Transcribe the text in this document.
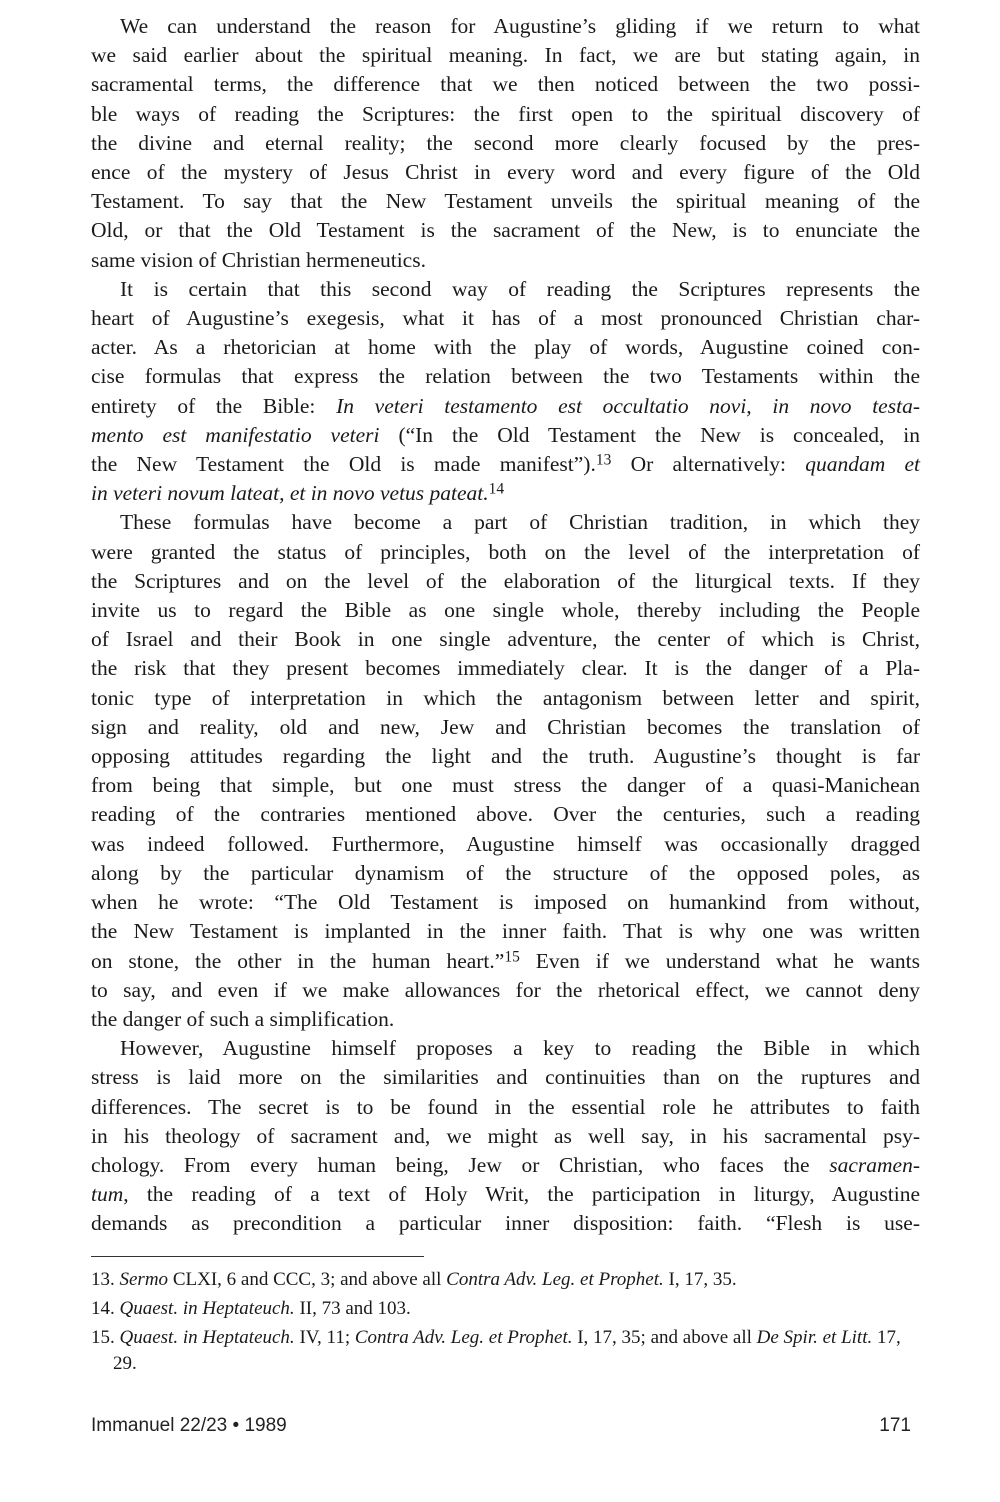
We can understand the reason for Augustine’s gliding if we return to what
we said earlier about the spiritual meaning. In fact, we are but stating again, in
sacramental terms, the difference that we then noticed between the two possi-
ble ways of reading the Scriptures: the first open to the spiritual discovery of
the divine and eternal reality; the second more clearly focused by the pres-
ence of the mystery of Jesus Christ in every word and every figure of the Old
Testament. To say that the New Testament unveils the spiritual meaning of the
Old, or that the Old Testament is the sacrament of the New, is to enunciate the
same vision of Christian hermeneutics.

It is certain that this second way of reading the Scriptures represents the
heart of Augustine’s exegesis, what it has of a most pronounced Christian char-
acter. As a rhetorician at home with the play of words, Augustine coined con-
cise formulas that express the relation between the two Testaments within the
entirety of the Bible: In veteri testamento est occultatio novi, in novo testa-
mento est manifestatio veteri (“In the Old Testament the New is concealed, in
the New Testament the Old is made manifest”).$^{13}$ Or alternatively: quandam et
in veteri novum lateat, et in novo vetus pateat.$^{14}$

These formulas have become a part of Christian tradition, in which they
were granted the status of principles, both on the level of the interpretation of
the Scriptures and on the level of the elaboration of the liturgical texts. If they
invite us to regard the Bible as one single whole, thereby including the People
of Israel and their Book in one single adventure, the center of which is Christ,
the risk that they present becomes immediately clear. It is the danger of a Pla-
tonic type of interpretation in which the antagonism between letter and spirit,
sign and reality, old and new, Jew and Christian becomes the translation of
opposing attitudes regarding the light and the truth. Augustine’s thought is far
from being that simple, but one must stress the danger of a quasi-Manichean
reading of the contraries mentioned above. Over the centuries, such a reading
was indeed followed. Furthermore, Augustine himself was occasionally dragged
along by the particular dynamism of the structure of the opposed poles, as
when he wrote: “The Old Testament is imposed on humankind from without,
the New Testament is implanted in the inner faith. That is why one was written
on stone, the other in the human heart.”$^{15}$ Even if we understand what he wants
to say, and even if we make allowances for the rhetorical effect, we cannot deny
the danger of such a simplification.

However, Augustine himself proposes a key to reading the Bible in which
stress is laid more on the similarities and continuities than on the ruptures and
differences. The secret is to be found in the essential role he attributes to faith
in his theology of sacrament and, we might as well say, in his sacramental psy-
chology. From every human being, Jew or Christian, who faces the sacramen-
tum, the reading of a text of Holy Writ, the participation in liturgy, Augustine
demands as precondition a particular inner disposition: faith. “Flesh is use-

13. Sermo CLXI, 6 and CCC, 3; and above all Contra Adv. Leg. et Prophet. I, 17, 35.

14. Quaest. in Heptateuch. II, 73 and 103.

15. Quaest. in Heptateuch. IV, 11; Contra Adv. Leg. et Prophet. I, 17, 35; and above all De Spir. et Litt. 17, 29.

Immanuel 22/23 • 1989	171
